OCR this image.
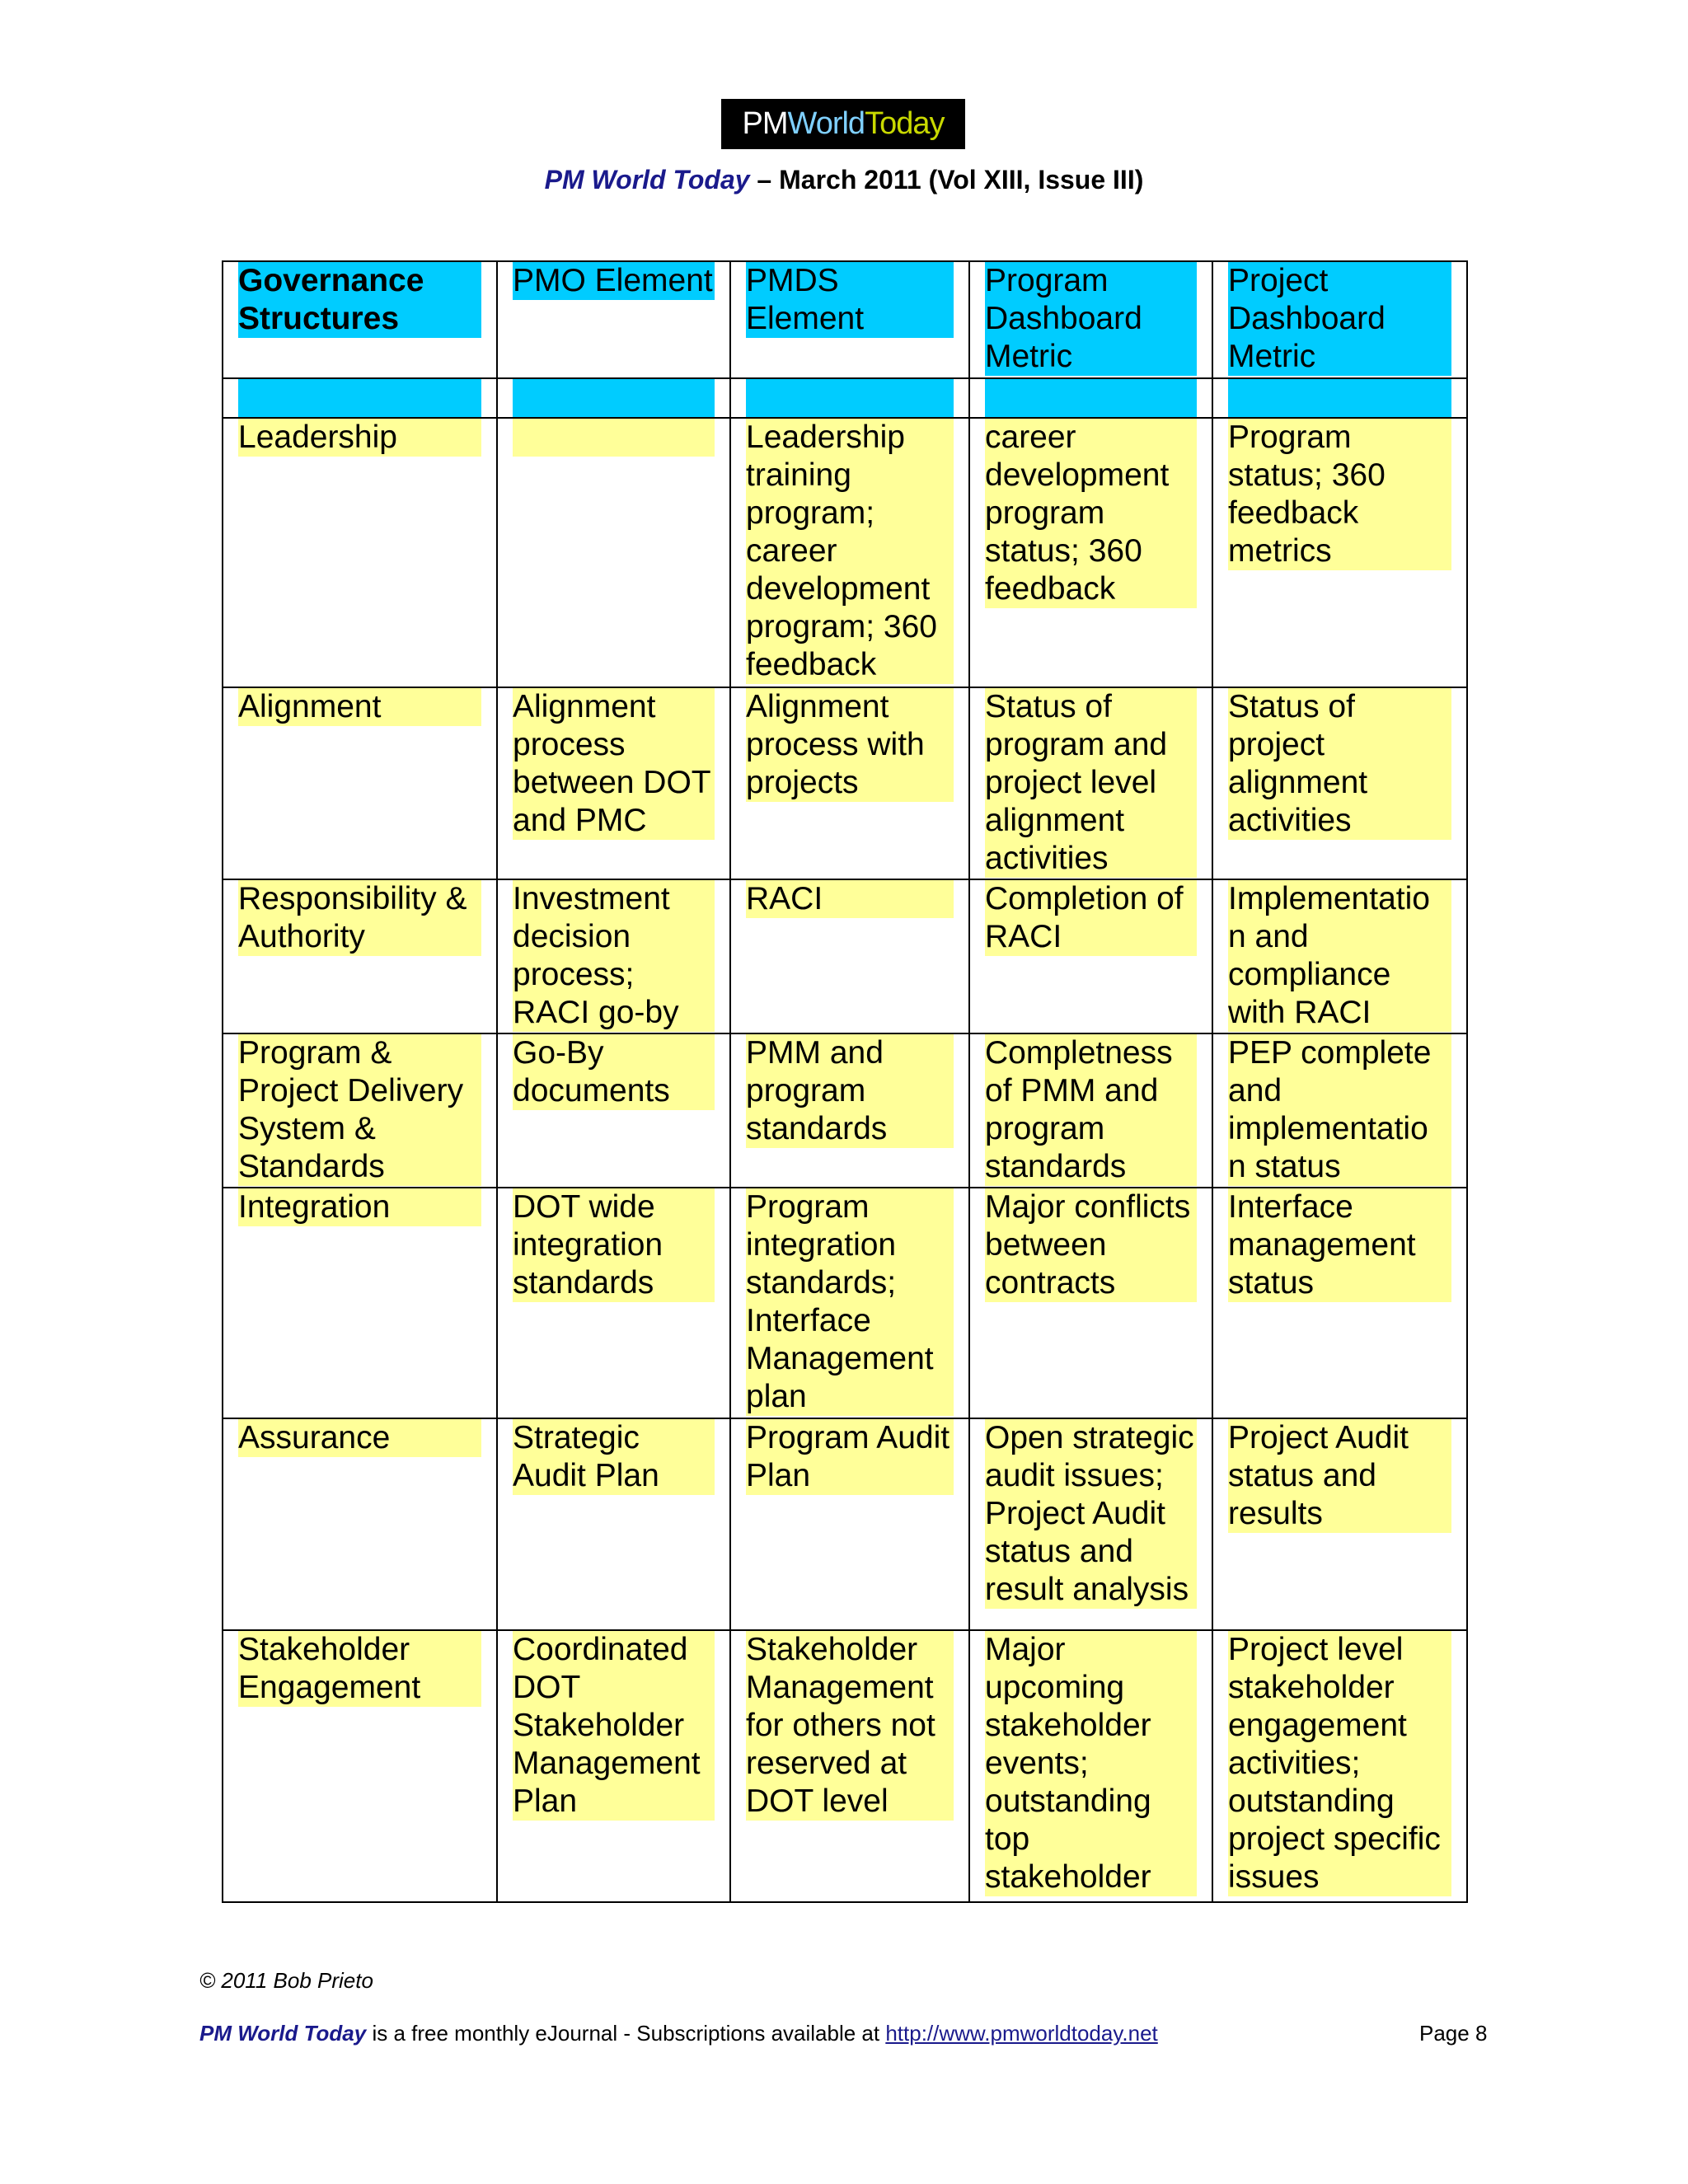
PM World Today
PM World Today – March 2011 (Vol XIII, Issue III)
Governance Structures	PMO Element	PMDS Element	Program Dashboard Metric	Project Dashboard Metric

Leadership		Leadership training program; career development program; 360 feedback	career development program status; 360 feedback	Program status; 360 feedback metrics

Alignment	Alignment process between DOT and PMC	Alignment process with projects	Status of program and project level alignment activities	Status of project alignment activities

Responsibility & Authority	Investment decision process; RACI go-by	RACI	Completion of RACI	Implementatio n and compliance with RACI

Program & Project Delivery System & Standards	Go-By documents	PMM and program standards	Completness of PMM and program standards	PEP complete and implementatio n status

Integration	DOT wide integration standards	Program integration standards; Interface Management plan	Major conflicts between contracts	Interface management status

Assurance	Strategic Audit Plan	Program Audit Plan	Open strategic audit issues; Project Audit status and result analysis	Project Audit status and results

Stakeholder Engagement	Coordinated DOT Stakeholder Management Plan	Stakeholder Management for others not reserved at DOT level	Major upcoming stakeholder events; outstanding top stakeholder	Project level stakeholder engagement activities; outstanding project specific issues
© 2011 Bob Prieto
PM World Today is a free monthly eJournal - Subscriptions available at http://www.pmworldtoday.net	Page 8
